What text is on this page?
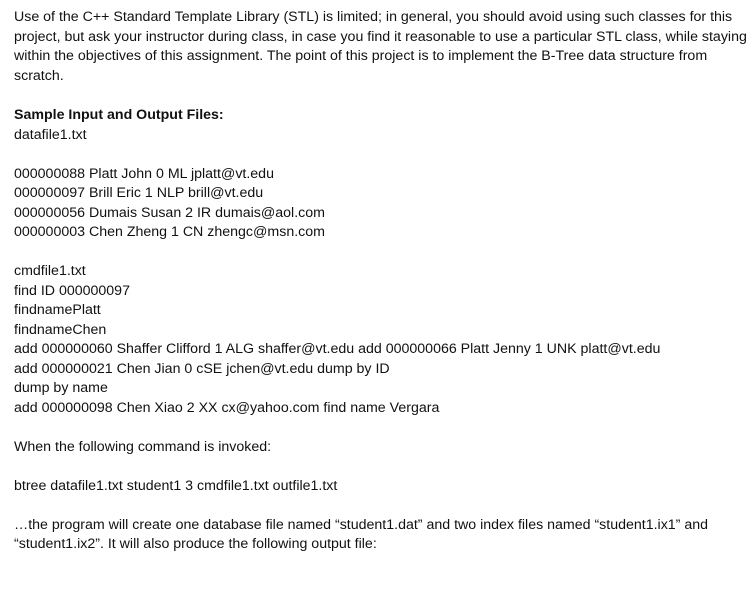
Use of the C++ Standard Template Library (STL) is limited; in general, you should avoid using such classes for this project, but ask your instructor during class, in case you find it reasonable to use a particular STL class, while staying within the objectives of this assignment. The point of this project is to implement the B-Tree data structure from scratch.

Sample Input and Output Files:

datafile1.txt

000000088 Platt John 0 ML jplatt@vt.edu

000000097 Brill Eric 1 NLP brill@vt.edu

000000056 Dumais Susan 2 IR dumais@aol.com

000000003 Chen Zheng 1 CN zhengc@msn.com

cmdfile1.txt

find ID 000000097

findnamePlatt

findnameChen

add 000000060 Shaffer Clifford 1 ALG shaffer@vt.edu add 000000066 Platt Jenny 1 UNK platt@vt.edu

add 000000021 Chen Jian 0 cSE jchen@vt.edu dump by ID

dump by name

add 000000098 Chen Xiao 2 XX cx@yahoo.com find name Vergara

When the following command is invoked:

btree datafile1.txt student1 3 cmdfile1.txt outfile1.txt

…the program will create one database file named “student1.dat” and two index files named “student1.ix1” and “student1.ix2”. It will also produce the following output file:
